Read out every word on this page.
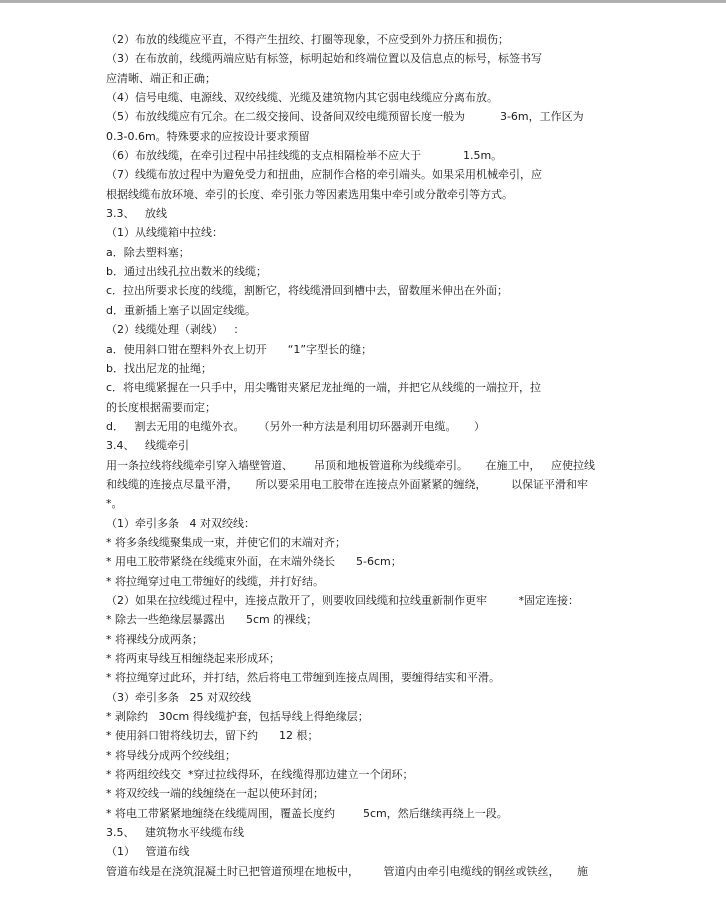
（2）布放的线缆应平直，不得产生扭绞、打圈等现象，不应受到外力挤压和损伤；
（3）在布放前，线缆两端应贴有标签，标明起始和终端位置以及信息点的标号，标签书写
应清晰、端正和正确；
（4）信号电缆、电源线、双绞线缆、光缆及建筑物内其它弱电线缆应分离布放。
（5）布放线缆应有冗余。在二级交接间、设备间双绞电缆预留长度一般为          3-6m，工作区为
0.3-0.6m。特殊要求的应按设计要求预留
（6）布放线缆，在牵引过程中吊挂线缆的支点相隔检举不应大于            1.5m。
（7）线缆布放过程中为避免受力和扭曲，应制作合格的牵引端头。如果采用机械牵引，应
根据线缆布放环境、牵引的长度、牵引张力等因素选用集中牵引或分散牵引等方式。
3.3、   放线
（1）从线缆箱中拉线：
a．除去塑料塞；
b．通过出线孔拉出数米的线缆；
c．拉出所要求长度的线缆，割断它，将线缆滑回到槽中去，留数厘米伸出在外面；
d．重新插上塞子以固定线缆。
（2）线缆处理（剥线）   ：
a．使用斜口钳在塑料外衣上切开      “1”字型长的缝；
b．找出尼龙的扯绳；
c．将电缆紧握在一只手中，用尖嘴钳夹紧尼龙扯绳的一端，并把它从线缆的一端拉开，拉
的长度根据需要而定；
d．   割去无用的电缆外衣。    （另外一种方法是利用切环器剥开电缆。     ）
3.4、   线缆牵引
用一条拉线将线缆牵引穿入墙壁管道、      吊顶和地板管道称为线缆牵引。     在施工中，   应使拉线
和线缆的连接点尽量平滑，     所以要采用电工胶带在连接点外面紧紧的缠绕，       以保证平滑和牢
*。
（1）牵引多条   4 对双绞线：
* 将多条线缆聚集成一束，并使它们的末端对齐；
* 用电工胶带紧绕在线缆束外面，在末端外绕长      5-6cm；
* 将拉绳穿过电工带缠好的线缆，并打好结。
（2）如果在拉线缆过程中，连接点散开了，则要收回线缆和拉线重新制作更牢         *固定连接：
* 除去一些绝缘层暴露出      5cm 的裸线；
* 将裸线分成两条；
* 将两束导线互相缠绕起来形成环；
* 将拉绳穿过此环，并打结，然后将电工带缠到连接点周围，要缠得结实和平滑。
（3）牵引多条   25 对双绞线
* 剥除约   30cm 得线缆护套，包括导线上得绝缘层；
* 使用斜口钳将线切去，留下约      12 根；
* 将导线分成两个绞线组；
* 将两组绞线交  *穿过拉线得环，在线缆得那边建立一个闭环；
* 将双绞线一端的线缠绕在一起以使环封闭；
* 将电工带紧紧地缠绕在线缆周围，覆盖长度约        5cm，然后继续再绕上一段。
3.5、   建筑物水平线缆布线
（1）   管道布线
管道布线是在浇筑混凝土时已把管道预埋在地板中，       管道内由牵引电缆线的钢丝或铁丝，     施
